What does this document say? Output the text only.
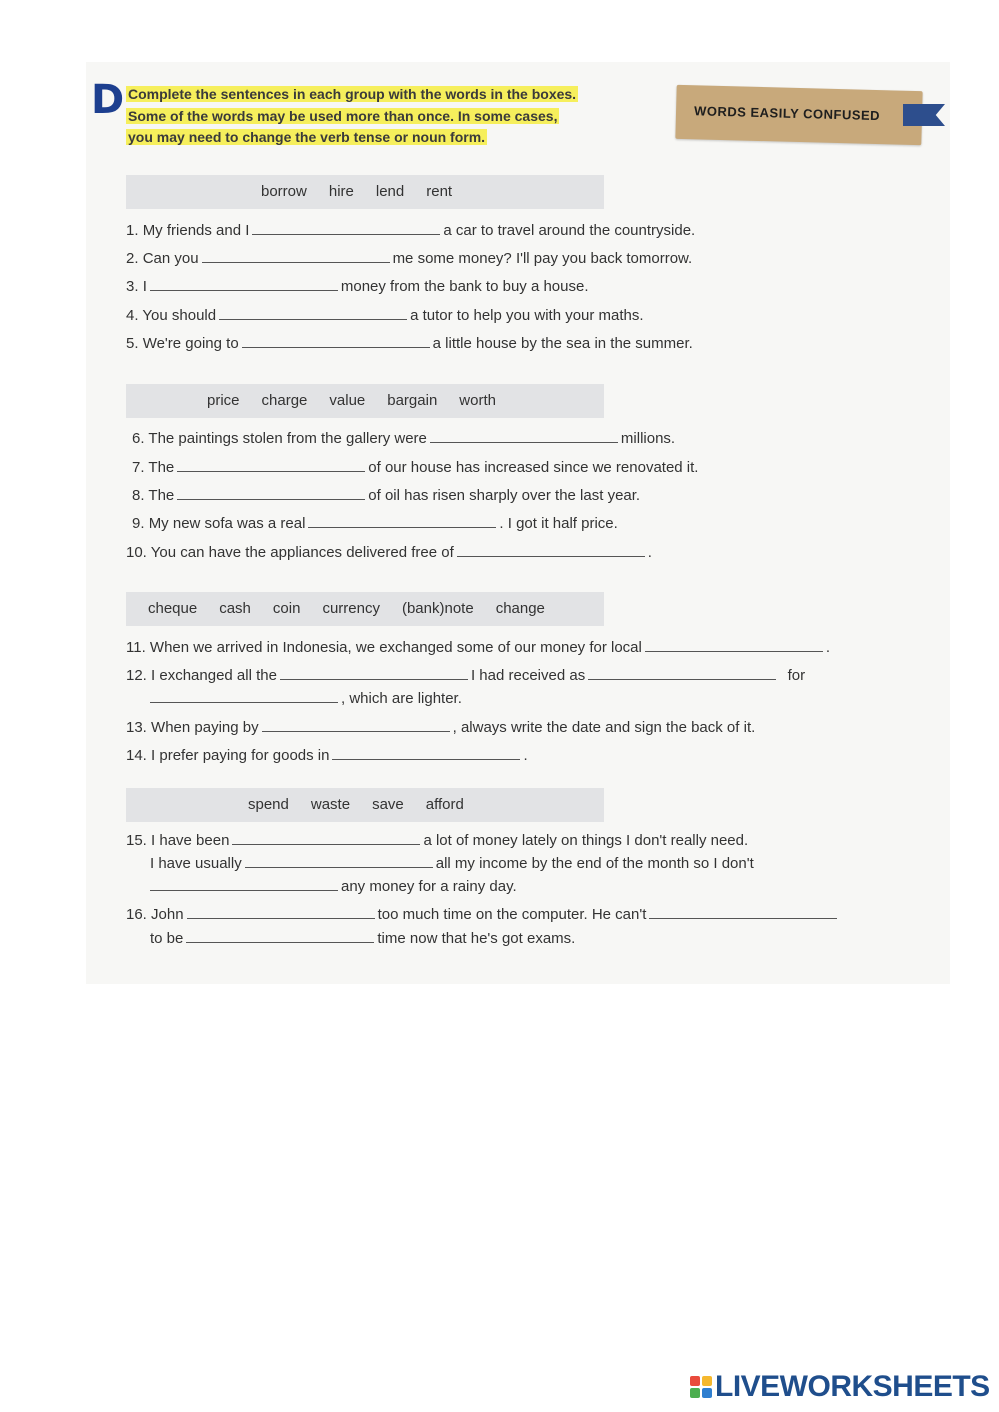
D Complete the sentences in each group with the words in the boxes.
Some of the words may be used more than once. In some cases,
you may need to change the verb tense or noun form.
WORDS EASILY CONFUSED
borrow hire lend rent
1. My friends and I	a car to travel around the countryside.
2. Can you	me some money? I'll pay you back tomorrow.
3. I	money from the bank to buy a house.
4. You should	a tutor to help you with your maths.
5. We're going to	a little house by the sea in the summer.
price charge value bargain worth
6. The paintings stolen from the gallery were	millions.
7. The	of our house has increased since we renovated it.
8. The	of oil has risen sharply over the last year.
9. My new sofa was a real	. I got it half price.
10. You can have the appliances delivered free of	.
cheque cash coin currency (bank)note change
11. When we arrived in Indonesia, we exchanged some of our money for local	.
12. I exchanged all the	I had received as	for
, which are lighter.
13. When paying by	, always write the date and sign the back of it.
14. I prefer paying for goods in	.
spend waste save afford
15. I have been	a lot of money lately on things I don't really need.
I have usually	all my income by the end of the month so I don't
any money for a rainy day.
16. John	too much time on the computer. He can't
to be	time now that he's got exams.
LIVEWORKSHEETS
